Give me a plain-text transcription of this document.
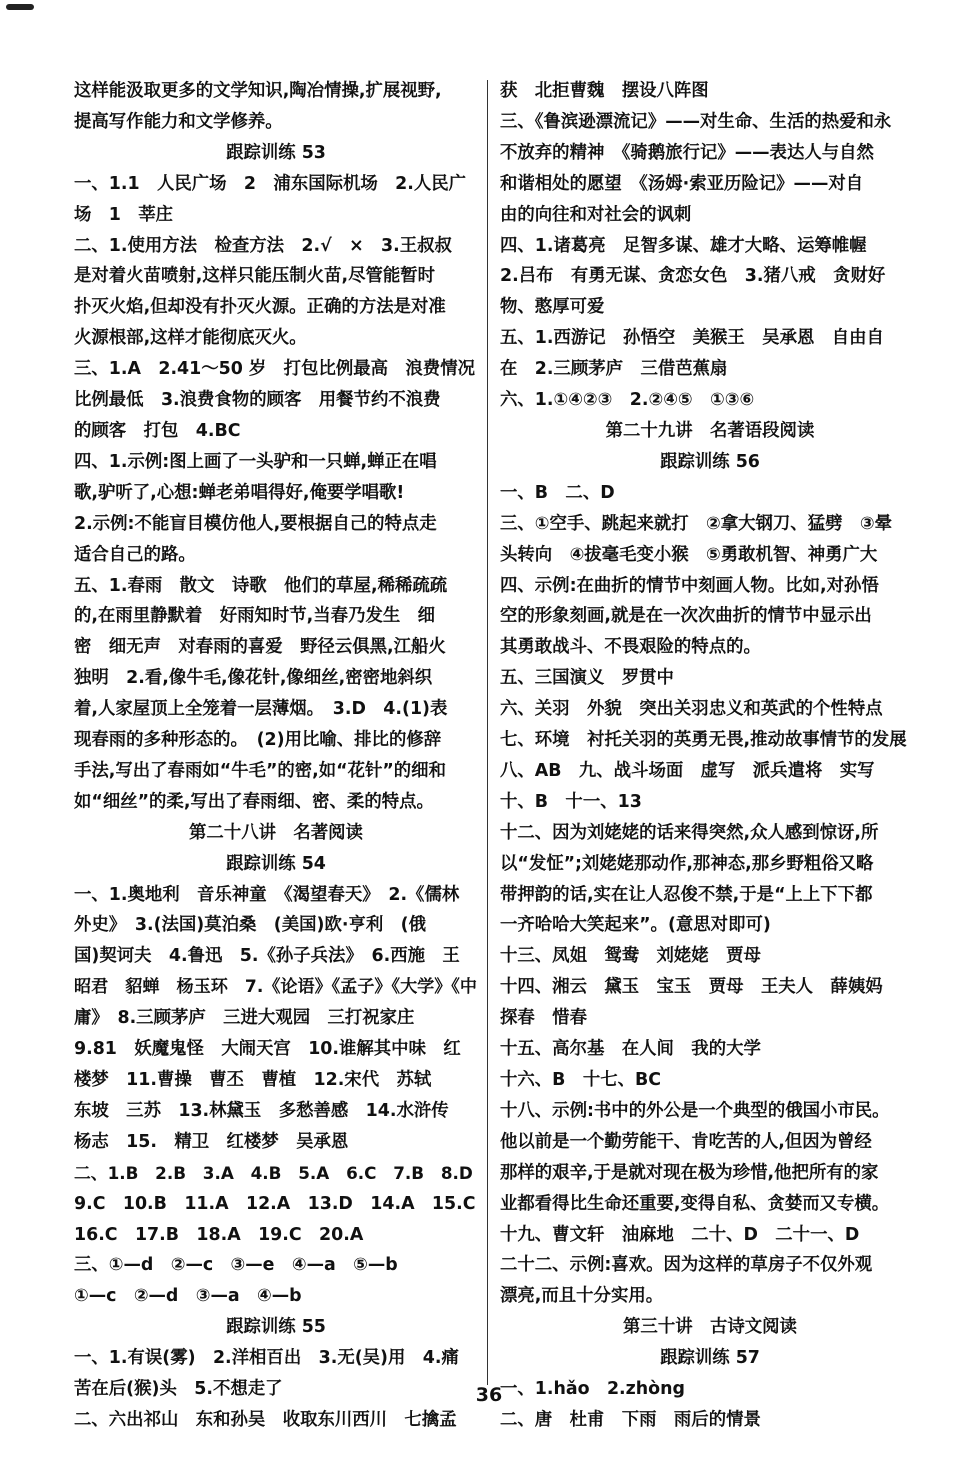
这样能汲取更多的文学知识,陶冶情操,扩展视野,
提高写作能力和文学修养。
跟踪训练 53
一、1.1　人民广场　2　浦东国际机场　2.人民广
场　1　莘庄
二、1.使用方法　检查方法　2.√　×　3.王叔叔
是对着火苗喷射,这样只能压制火苗,尽管能暂时
扑灭火焰,但却没有扑灭火源。正确的方法是对准
火源根部,这样才能彻底灭火。
三、1.A　2.41～50 岁　打包比例最高　浪费情况
比例最低　3.浪费食物的顾客　用餐节约不浪费
的顾客　打包　4.BC
四、1.示例:图上画了一头驴和一只蝉,蝉正在唱
歌,驴听了,心想:蝉老弟唱得好,俺要学唱歌!
2.示例:不能盲目模仿他人,要根据自己的特点走
适合自己的路。
五、1.春雨　散文　诗歌　他们的草屋,稀稀疏疏
的,在雨里静默着　好雨知时节,当春乃发生　细
密　细无声　对春雨的喜爱　野径云俱黑,江船火
独明　2.看,像牛毛,像花针,像细丝,密密地斜织
着,人家屋顶上全笼着一层薄烟。　3.D　4.(1)表
现春雨的多种形态的。　(2)用比喻、排比的修辞
手法,写出了春雨如“牛毛”的密,如“花针”的细和
如“细丝”的柔,写出了春雨细、密、柔的特点。
第二十八讲　名著阅读
跟踪训练 54
一、1.奥地利　音乐神童　《渴望春天》　2.《儒林
外史》　3.(法国)莫泊桑　(美国)欧·亨利　(俄
国)契诃夫　4.鲁迅　5.《孙子兵法》　6.西施　王
昭君　貂蝉　杨玉环　7.《论语》《孟子》《大学》《中
庸》　8.三顾茅庐　三进大观园　三打祝家庄
9.81　妖魔鬼怪　大闹天宫　10.谁解其中味　红
楼梦　11.曹操　曹丕　曹植　12.宋代　苏轼
东坡　三苏　13.林黛玉　多愁善感　14.水浒传
杨志　15.　精卫　红楼梦　吴承恩
二、1.B　2.B　3.A　4.B　5.A　6.C　7.B　8.D
9.C　10.B　11.A　12.A　13.D　14.A　15.C
16.C　17.B　18.A　19.C　20.A
三、①—d　②—c　③—e　④—a　⑤—b
①—c　②—d　③—a　④—b
跟踪训练 55
一、1.有误(雾)　2.洋相百出　3.无(吴)用　4.痛
苦在后(猴)头　5.不想走了
二、六出祁山　东和孙吴　收取东川西川　七擒孟
获　北拒曹魏　摆设八阵图
三、《鲁滨逊漂流记》——对生命、生活的热爱和永
不放弃的精神　《骑鹅旅行记》——表达人与自然
和谐相处的愿望　《汤姆·索亚历险记》——对自
由的向往和对社会的讽刺
四、1.诸葛亮　足智多谋、雄才大略、运筹帷幄
2.吕布　有勇无谋、贪恋女色　3.猪八戒　贪财好
物、憨厚可爱
五、1.西游记　孙悟空　美猴王　吴承恩　自由自
在　2.三顾茅庐　三借芭蕉扇
六、1.①④②③　2.②④⑤　①③⑥
第二十九讲　名著语段阅读
跟踪训练 56
一、B　二、D
三、①空手、跳起来就打　②拿大钢刀、猛劈　③晕
头转向　④拔毫毛变小猴　⑤勇敢机智、神勇广大
四、示例:在曲折的情节中刻画人物。比如,对孙悟
空的形象刻画,就是在一次次曲折的情节中显示出
其勇敢战斗、不畏艰险的特点的。
五、三国演义　罗贯中
六、关羽　外貌　突出关羽忠义和英武的个性特点
七、环境　衬托关羽的英勇无畏,推动故事情节的发展
八、AB　九、战斗场面　虚写　派兵遣将　实写
十、B　十一、13
十二、因为刘姥姥的话来得突然,众人感到惊讶,所
以“发怔”;刘姥姥那动作,那神态,那乡野粗俗又略
带押韵的话,实在让人忍俊不禁,于是“上上下下都
一齐哈哈大笑起来”。(意思对即可)
十三、凤姐　鸳鸯　刘姥姥　贾母
十四、湘云　黛玉　宝玉　贾母　王夫人　薛姨妈
探春　惜春
十五、高尔基　在人间　我的大学
十六、B　十七、BC
十八、示例:书中的外公是一个典型的俄国小市民。
他以前是一个勤劳能干、肯吃苦的人,但因为曾经
那样的艰辛,于是就对现在极为珍惜,他把所有的家
业都看得比生命还重要,变得自私、贪婪而又专横。
十九、曹文轩　油麻地　二十、D　二十一、D
二十二、示例:喜欢。因为这样的草房子不仅外观
漂亮,而且十分实用。
第三十讲　古诗文阅读
跟踪训练 57
一、1.hǎo　2.zhòng
二、唐　杜甫　下雨　雨后的情景
36
